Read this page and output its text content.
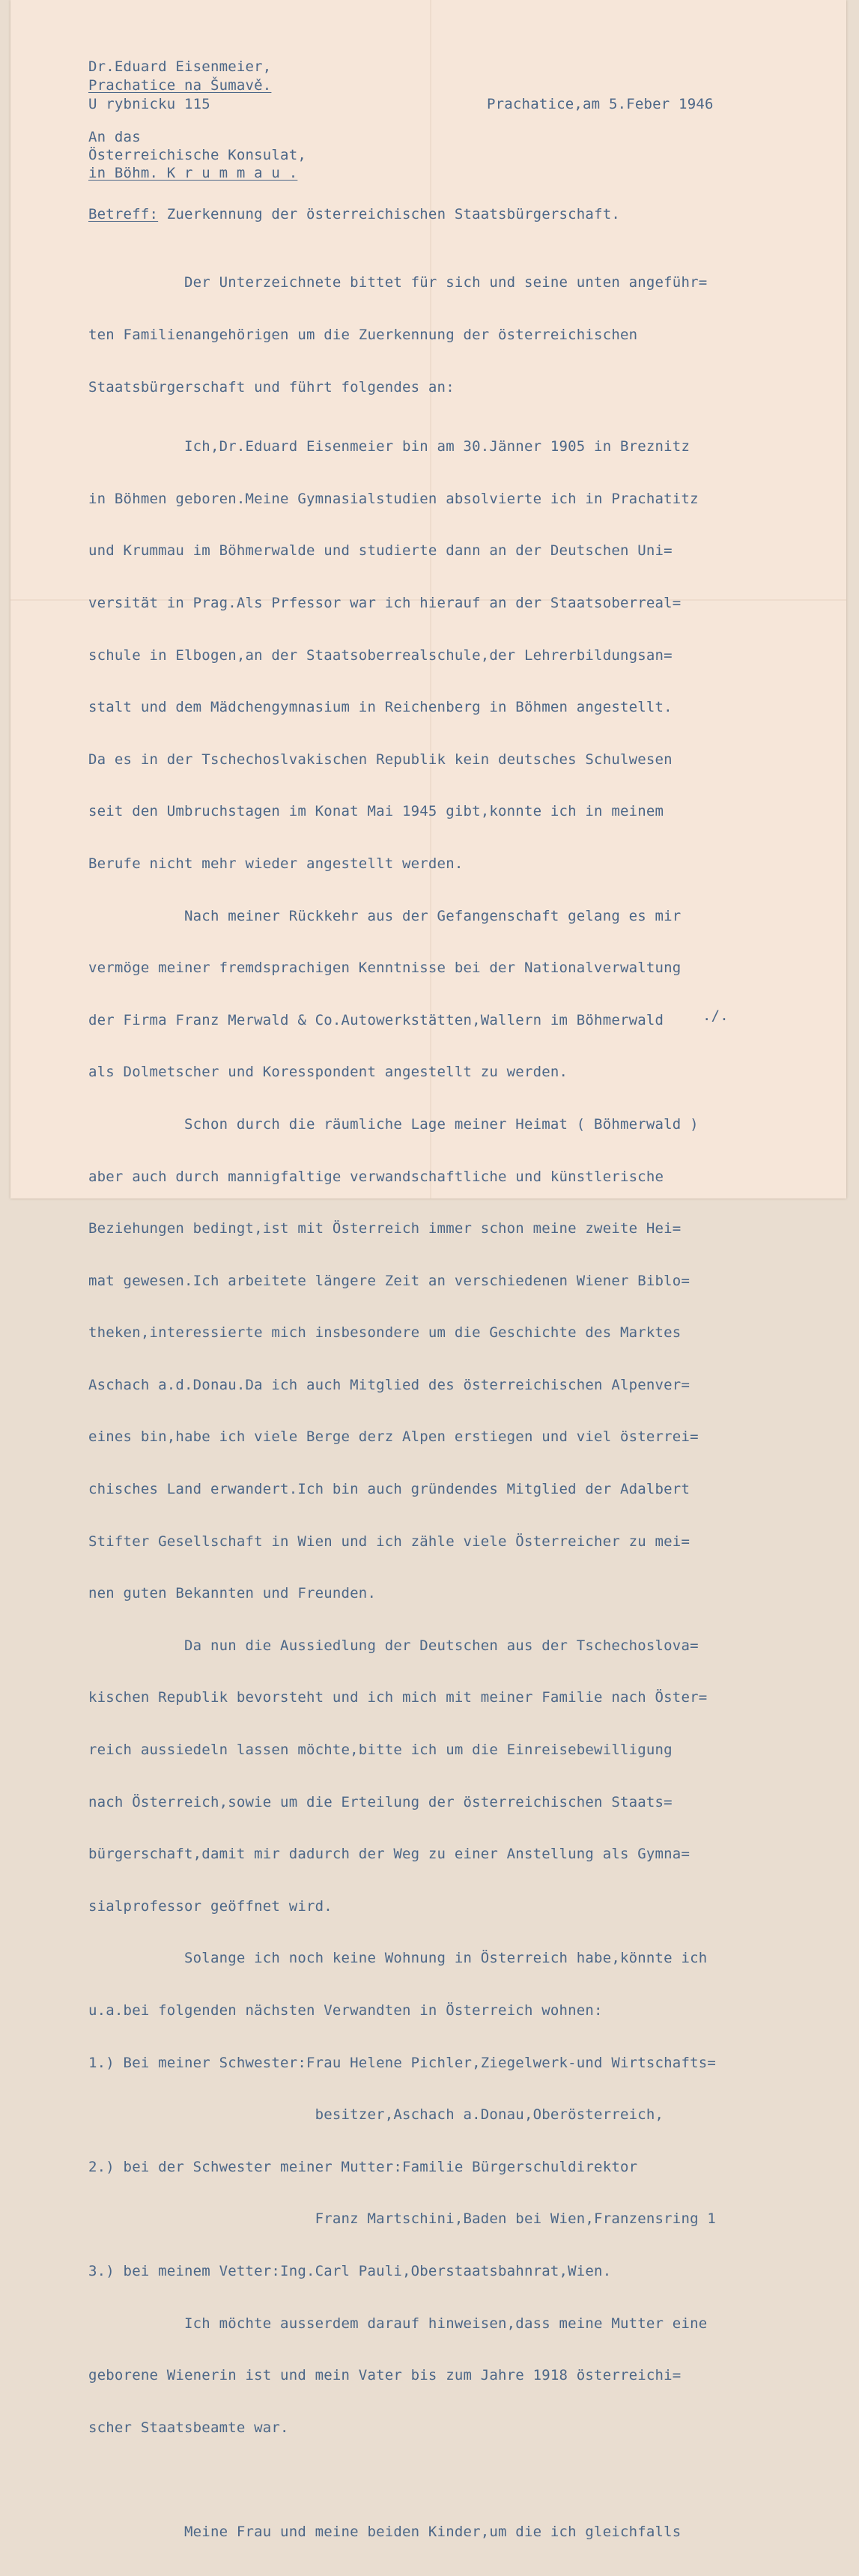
Dr.Eduard Eisenmeier,
Prachatice na Šumavě.
U rybnicku 115	Prachatice,am 5.Feber 1946
An das
Österreichische Konsulat,
in Böhm. K r u m m a u .
Betreff: Zuerkennung der österreichischen Staatsbürgerschaft.

Der Unterzeichnete bittet für sich und seine unten angeführ=

ten Familienangehörigen um die Zuerkennung der österreichischen

Staatsbürgerschaft und führt folgendes an:

Ich,Dr.Eduard Eisenmeier bin am 30.Jänner 1905 in Breznitz

in Böhmen geboren.Meine Gymnasialstudien absolvierte ich in Prachatitz

und Krummau im Böhmerwalde und studierte dann an der Deutschen Uni=

versität in Prag.Als Prfessor war ich hierauf an der Staatsoberreal=

schule in Elbogen,an der Staatsoberrealschule,der Lehrerbildungsan=

stalt und dem Mädchengymnasium in Reichenberg in Böhmen angestellt.

Da es in der Tschechoslvakischen Republik kein deutsches Schulwesen

seit den Umbruchstagen im Konat Mai 1945 gibt,konnte ich in meinem

Berufe nicht mehr wieder angestellt werden.

Nach meiner Rückkehr aus der Gefangenschaft gelang es mir

vermöge meiner fremdsprachigen Kenntnisse bei der Nationalverwaltung

der Firma Franz Merwald & Co.Autowerkstätten,Wallern im Böhmerwald

als Dolmetscher und Koresspondent angestellt zu werden.

Schon durch die räumliche Lage meiner Heimat ( Böhmerwald )

aber auch durch mannigfaltige verwandschaftliche und künstlerische

Beziehungen bedingt,ist mit Österreich immer schon meine zweite Hei=

mat gewesen.Ich arbeitete längere Zeit an verschiedenen Wiener Biblo=

theken,interessierte mich insbesondere um die Geschichte des Marktes

Aschach a.d.Donau.Da ich auch Mitglied des österreichischen Alpenver=

eines bin,habe ich viele Berge derz Alpen erstiegen und viel österrei=

chisches Land erwandert.Ich bin auch gründendes Mitglied der Adalbert

Stifter Gesellschaft in Wien und ich zähle viele Österreicher zu mei=

nen guten Bekannten und Freunden.

Da nun die Aussiedlung der Deutschen aus der Tschechoslova=

kischen Republik bevorsteht und ich mich mit meiner Familie nach Öster=

reich aussiedeln lassen möchte,bitte ich um die Einreisebewilligung

nach Österreich,sowie um die Erteilung der österreichischen Staats=

bürgerschaft,damit mir dadurch der Weg zu einer Anstellung als Gymna=

sialprofessor geöffnet wird.

Solange ich noch keine Wohnung in Österreich habe,könnte ich

u.a.bei folgenden nächsten Verwandten in Österreich wohnen:

1.) Bei meiner Schwester:Frau Helene Pichler,Ziegelwerk-und Wirtschafts=

besitzer,Aschach a.Donau,Oberösterreich,

2.) bei der Schwester meiner Mutter:Familie Bürgerschuldirektor

Franz Martschini,Baden bei Wien,Franzensring 1

3.) bei meinem Vetter:Ing.Carl Pauli,Oberstaatsbahnrat,Wien.

Ich möchte ausserdem darauf hinweisen,dass meine Mutter eine

geborene Wienerin ist und mein Vater bis zum Jahre 1918 österreichi=

scher Staatsbeamte war.

Meine Frau und meine beiden Kinder,um die ich gleichfalls

./.
